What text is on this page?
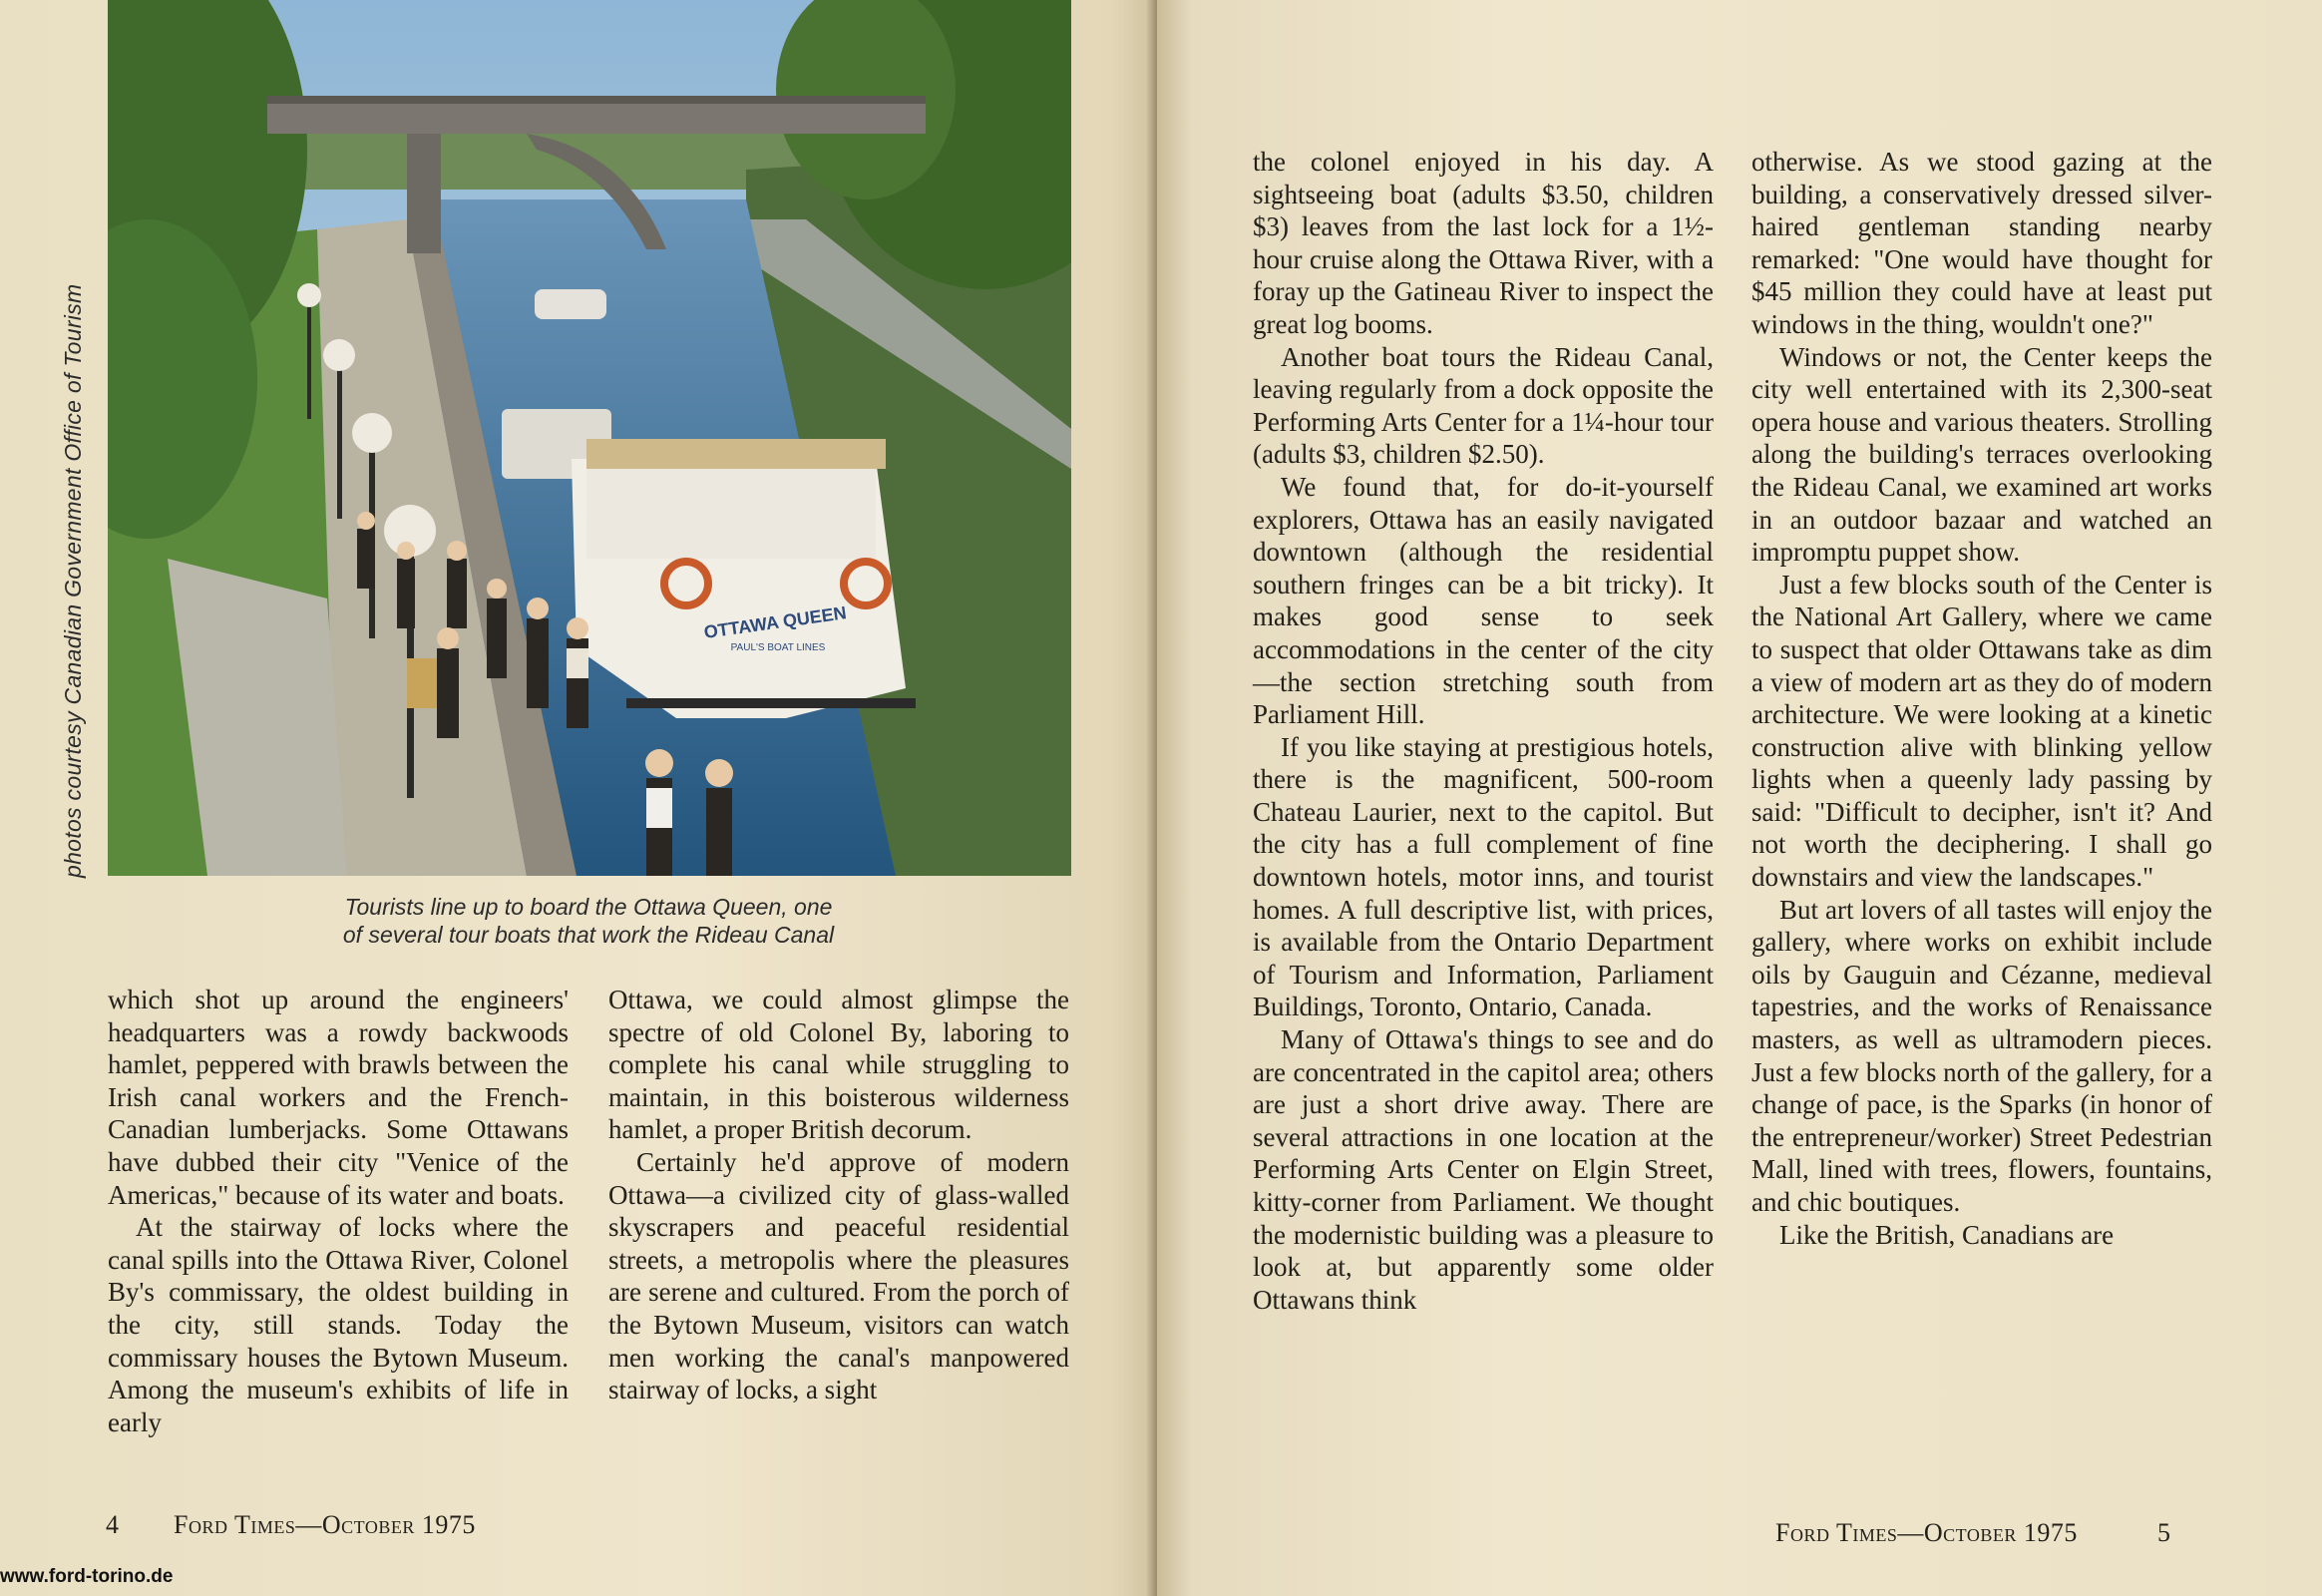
OTTAWA QUEEN
PAUL'S BOAT LINES
photos courtesy Canadian Government Office of Tourism
Tourists line up to board the Ottawa Queen, one
of several tour boats that work the Rideau Canal

which shot up around the engineers' headquarters was a rowdy backwoods hamlet, peppered with brawls between the Irish canal workers and the French-Canadian lumberjacks. Some Ottawans have dubbed their city "Venice of the Americas," because of its water and boats.

At the stairway of locks where the canal spills into the Ottawa River, Colonel By's commissary, the oldest building in the city, still stands. Today the commissary houses the Bytown Museum. Among the museum's exhibits of life in early

Ottawa, we could almost glimpse the spectre of old Colonel By, laboring to complete his canal while struggling to maintain, in this boisterous wilderness hamlet, a proper British decorum.

Certainly he'd approve of modern Ottawa—a civilized city of glass-walled skyscrapers and peaceful residential streets, a metropolis where the pleasures are serene and cultured. From the porch of the Bytown Museum, visitors can watch men working the canal's manpowered stairway of locks, a sight

4 Ford Times—October 1975
www.ford-torino.de

the colonel enjoyed in his day. A sightseeing boat (adults $3.50, children $3) leaves from the last lock for a 1½-hour cruise along the Ottawa River, with a foray up the Gatineau River to inspect the great log booms.

Another boat tours the Rideau Canal, leaving regularly from a dock opposite the Performing Arts Center for a 1¼-hour tour (adults $3, children $2.50).

We found that, for do-it-yourself explorers, Ottawa has an easily navigated downtown (although the residential southern fringes can be a bit tricky). It makes good sense to seek accommodations in the center of the city—the section stretching south from Parliament Hill.

If you like staying at prestigious hotels, there is the magnificent, 500-room Chateau Laurier, next to the capitol. But the city has a full complement of fine downtown hotels, motor inns, and tourist homes. A full descriptive list, with prices, is available from the Ontario Department of Tourism and Information, Parliament Buildings, Toronto, Ontario, Canada.

Many of Ottawa's things to see and do are concentrated in the capitol area; others are just a short drive away. There are several attractions in one location at the Performing Arts Center on Elgin Street, kitty-corner from Parliament. We thought the modernistic building was a pleasure to look at, but apparently some older Ottawans think

otherwise. As we stood gazing at the building, a conservatively dressed silver-haired gentleman standing nearby remarked: "One would have thought for $45 million they could have at least put windows in the thing, wouldn't one?"

Windows or not, the Center keeps the city well entertained with its 2,300-seat opera house and various theaters. Strolling along the building's terraces overlooking the Rideau Canal, we examined art works in an outdoor bazaar and watched an impromptu puppet show.

Just a few blocks south of the Center is the National Art Gallery, where we came to suspect that older Ottawans take as dim a view of modern art as they do of modern architecture. We were looking at a kinetic construction alive with blinking yellow lights when a queenly lady passing by said: "Difficult to decipher, isn't it? And not worth the deciphering. I shall go downstairs and view the landscapes."

But art lovers of all tastes will enjoy the gallery, where works on exhibit include oils by Gauguin and Cézanne, medieval tapestries, and the works of Renaissance masters, as well as ultramodern pieces. Just a few blocks north of the gallery, for a change of pace, is the Sparks (in honor of the entrepreneur/worker) Street Pedestrian Mall, lined with trees, flowers, fountains, and chic boutiques.

Like the British, Canadians are

Ford Times—October 1975	5
